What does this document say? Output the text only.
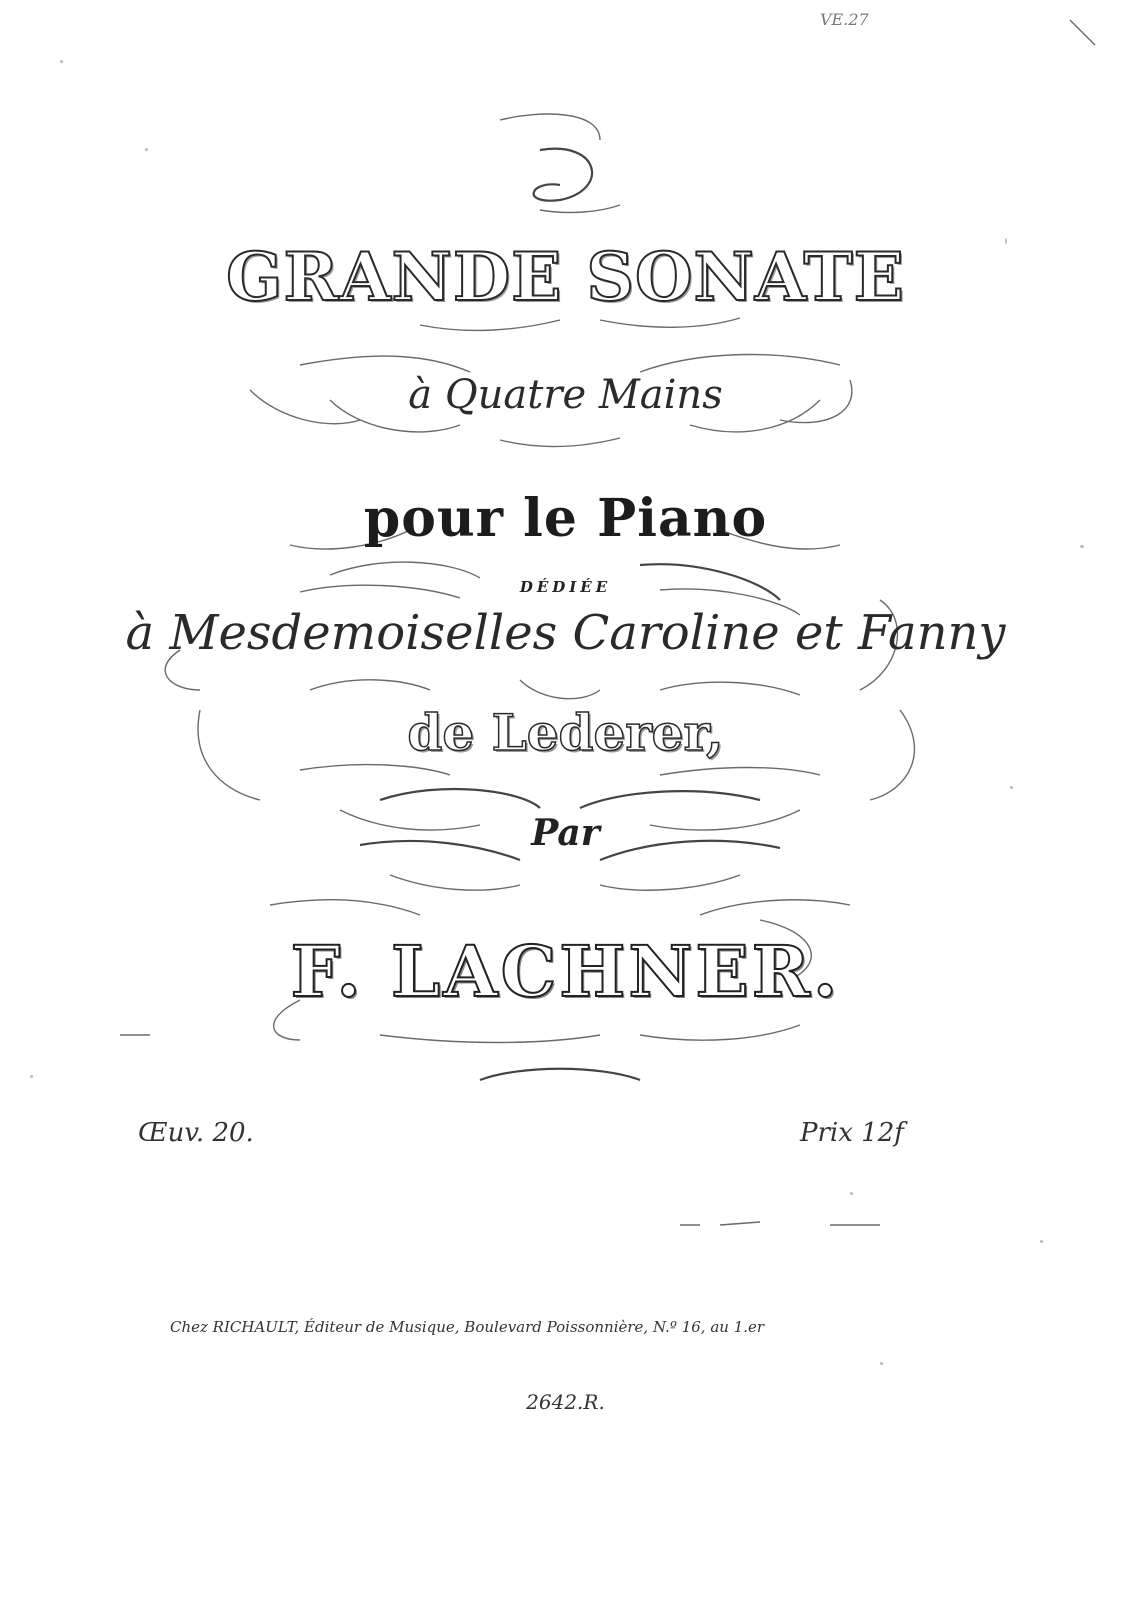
VE.27
GRANDE SONATE
à Quatre Mains
pour le Piano
DÉDIÉE
à Mesdemoiselles Caroline et Fanny
de Lederer,
Par
F. LACHNER.
Œuv. 20.	Prix 12f
Chez RICHAULT, Éditeur de Musique, Boulevard Poissonnière, N.º 16, au 1.er
2642.R.
